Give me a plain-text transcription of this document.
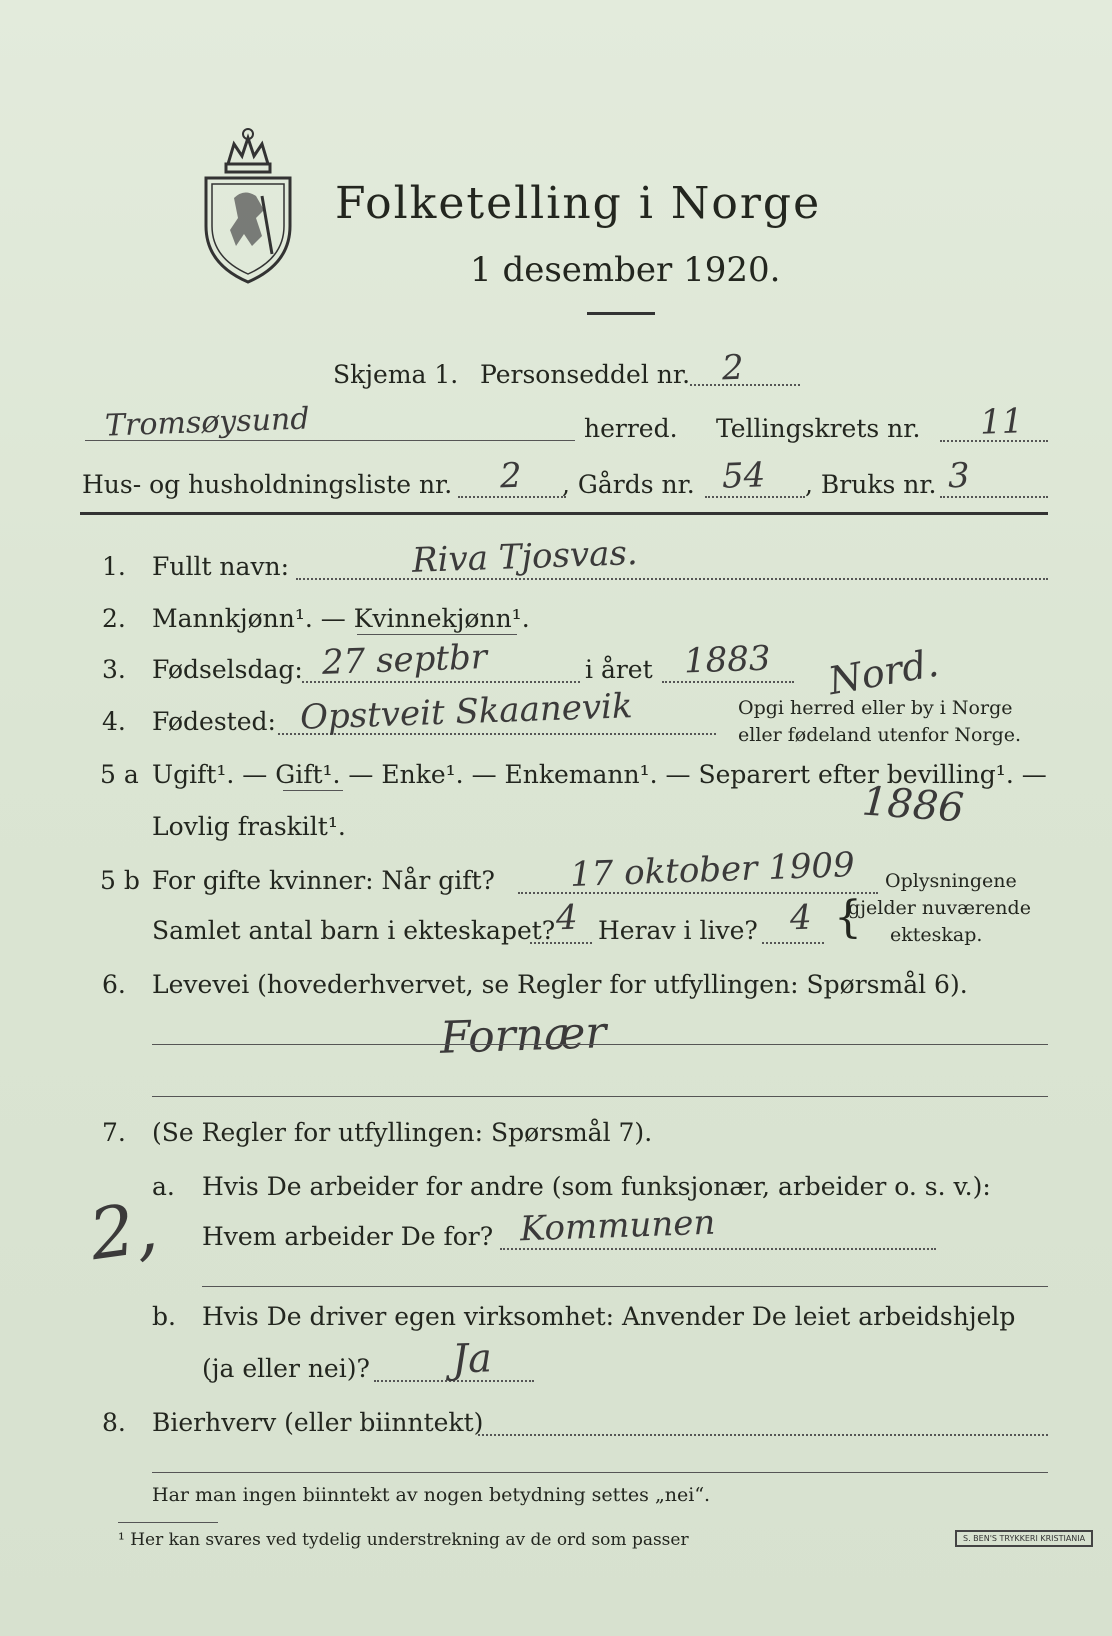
Folketelling i Norge
1 desember 1920.
Skjema 1. Personseddel nr. 2
Tromsøysund	herred. Tellingskrets nr. 11
Hus- og husholdningsliste nr. 2 , Gårds nr. 54 , Bruks nr. 3
1. Fullt navn:	Riva Tjosvas.
2. Mannkjønn¹. — Kvinnekjønn¹.
3. Fødselsdag: 27 septbr	i året 1883 Nord.
4. Fødested: Opstveit Skaanevik	Opgi herred eller by i Norge
eller fødeland utenfor Norge.
5 a Ugift¹. — Gift¹. — Enke¹. — Enkemann¹. — Separert efter bevilling¹. —
Lovlig fraskilt¹.	1886
5 b For gifte kvinner: Når gift? 17 oktober 1909 Oplysningene
gjelder nuværende
ekteskap.
{
Samlet antal barn i ekteskapet? 4 Herav i live? 4
6. Levevei (hovederhvervet, se Regler for utfyllingen: Spørsmål 6).
Fornær
7. (Se Regler for utfyllingen: Spørsmål 7).
2,
a. Hvis De arbeider for andre (som funksjonær, arbeider o. s. v.):
Hvem arbeider De for? Kommunen
b. Hvis De driver egen virksomhet: Anvender De leiet arbeidshjelp
(ja eller nei)? Ja
8. Bierhverv (eller biinntekt)
Har man ingen biinntekt av nogen betydning settes „nei“.
¹ Her kan svares ved tydelig understrekning av de ord som passer	S. BEN'S TRYKKERI KRISTIANIA
